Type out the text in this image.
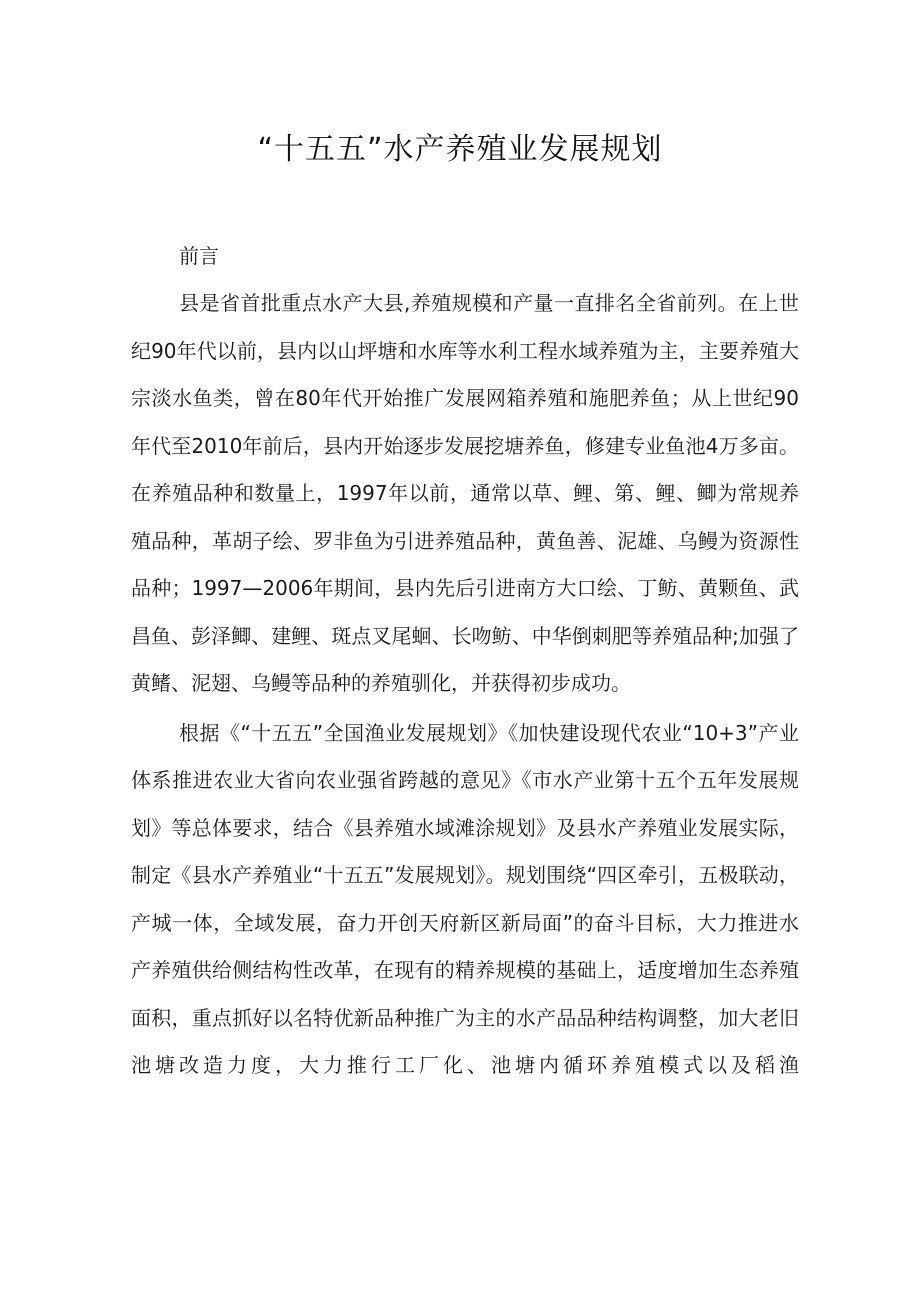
“十五五”水产养殖业发展规划

前言

县是省首批重点水产大县,养殖规模和产量一直排名全省前列。在上世纪90年代以前，县内以山坪塘和水库等水利工程水域养殖为主，主要养殖大宗淡水鱼类，曾在80年代开始推广发展网箱养殖和施肥养鱼；从上世纪90年代至2010年前后，县内开始逐步发展挖塘养鱼，修建专业鱼池4万多亩。在养殖品种和数量上，1997年以前，通常以草、鲤、第、鲤、鲫为常规养殖品种，革胡子绘、罗非鱼为引进养殖品种，黄鱼善、泥雄、乌鳗为资源性品种；1997—2006年期间，县内先后引进南方大口绘、丁鲂、黄颗鱼、武昌鱼、彭泽鲫、建鲤、斑点叉尾蛔、长吻鲂、中华倒刺肥等养殖品种;加强了黄鳍、泥翅、乌鳗等品种的养殖驯化，并获得初步成功。

根据《“十五五”全国渔业发展规划》《加快建设现代农业“10+3”产业体系推进农业大省向农业强省跨越的意见》《市水产业第十五个五年发展规划》等总体要求，结合《县养殖水域滩涂规划》及县水产养殖业发展实际，制定《县水产养殖业“十五五”发展规划》。规划围绕“四区牵引，五极联动，产城一体，全域发展，奋力开创天府新区新局面”的奋斗目标，大力推进水产养殖供给侧结构性改革，在现有的精养规模的基础上，适度增加生态养殖面积，重点抓好以名特优新品种推广为主的水产品品种结构调整，加大老旧池塘改造力度，大力推行工厂化、池塘内循环养殖模式以及稻渔
